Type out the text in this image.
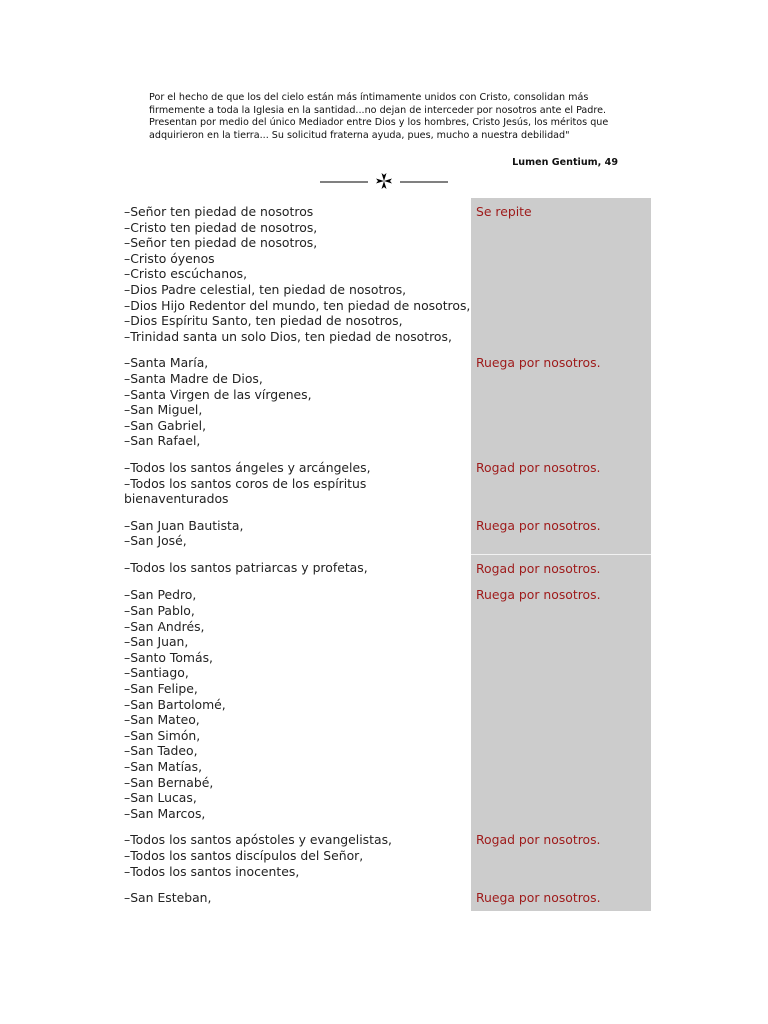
Por el hecho de que los del cielo están más íntimamente unidos con Cristo, consolidan más
firmemente a toda la Iglesia en la santidad...no dejan de interceder por nosotros ante el Padre.
Presentan por medio del único Mediador entre Dios y los hombres, Cristo Jesús, los méritos que
adquirieron en la tierra... Su solicitud fraterna ayuda, pues, mucho a nuestra debilidad"
Lumen Gentium, 49
–Señor ten piedad de nosotros
–Cristo ten piedad de nosotros,
–Señor ten piedad de nosotros,
–Cristo óyenos
–Cristo escúchanos,
–Dios Padre celestial, ten piedad de nosotros,
–Dios Hijo Redentor del mundo, ten piedad de nosotros,
–Dios Espíritu Santo, ten piedad de nosotros,
–Trinidad santa un solo Dios, ten piedad de nosotros,
Se repite
–Santa María,
–Santa Madre de Dios,
–Santa Virgen de las vírgenes,
–San Miguel,
–San Gabriel,
–San Rafael,
Ruega por nosotros.
–Todos los santos ángeles y arcángeles,
–Todos los santos coros de los espíritus bienaventurados
Rogad por nosotros.
–San Juan Bautista,
–San José,
Ruega por nosotros.
–Todos los santos patriarcas y profetas,	Rogad por nosotros.
–San Pedro,
–San Pablo,
–San Andrés,
–San Juan,
–Santo Tomás,
–Santiago,
–San Felipe,
–San Bartolomé,
–San Mateo,
–San Simón,
–San Tadeo,
–San Matías,
–San Bernabé,
–San Lucas,
–San Marcos,
Ruega por nosotros.
–Todos los santos apóstoles y evangelistas,
–Todos los santos discípulos del Señor,
–Todos los santos inocentes,
Rogad por nosotros.
–San Esteban,	Ruega por nosotros.
